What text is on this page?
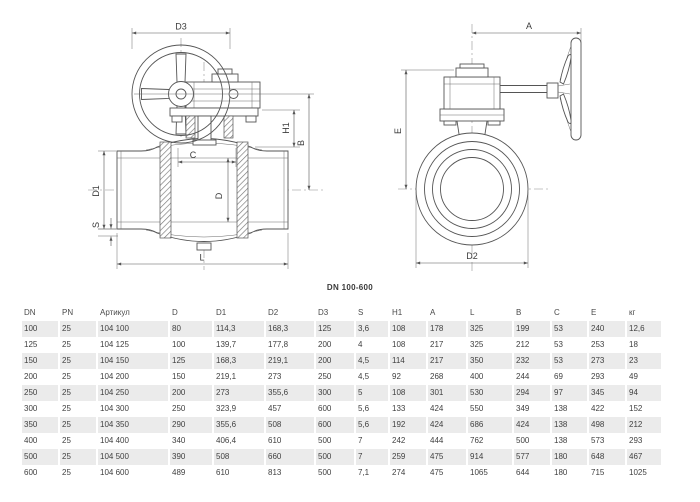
D3
H1
B
C
D1	D
S
L
A
E
D2
DN 100-600
DN	PN	Артикул	D	D1	D2	D3	S	H1	A	L	B	C	E	кг
100	25	104 100	80	114,3	168,3	125	3,6	108	178	325	199	53	240	12,6
125	25	104 125	100	139,7	177,8	200	4	108	217	325	212	53	253	18
150	25	104 150	125	168,3	219,1	200	4,5	114	217	350	232	53	273	23
200	25	104 200	150	219,1	273	250	4,5	92	268	400	244	69	293	49
250	25	104 250	200	273	355,6	300	5	108	301	530	294	97	345	94
300	25	104 300	250	323,9	457	600	5,6	133	424	550	349	138	422	152
350	25	104 350	290	355,6	508	600	5,6	192	424	686	424	138	498	212
400	25	104 400	340	406,4	610	500	7	242	444	762	500	138	573	293
500	25	104 500	390	508	660	500	7	259	475	914	577	180	648	467
600	25	104 600	489	610	813	500	7,1	274	475	1065	644	180	715	1025
